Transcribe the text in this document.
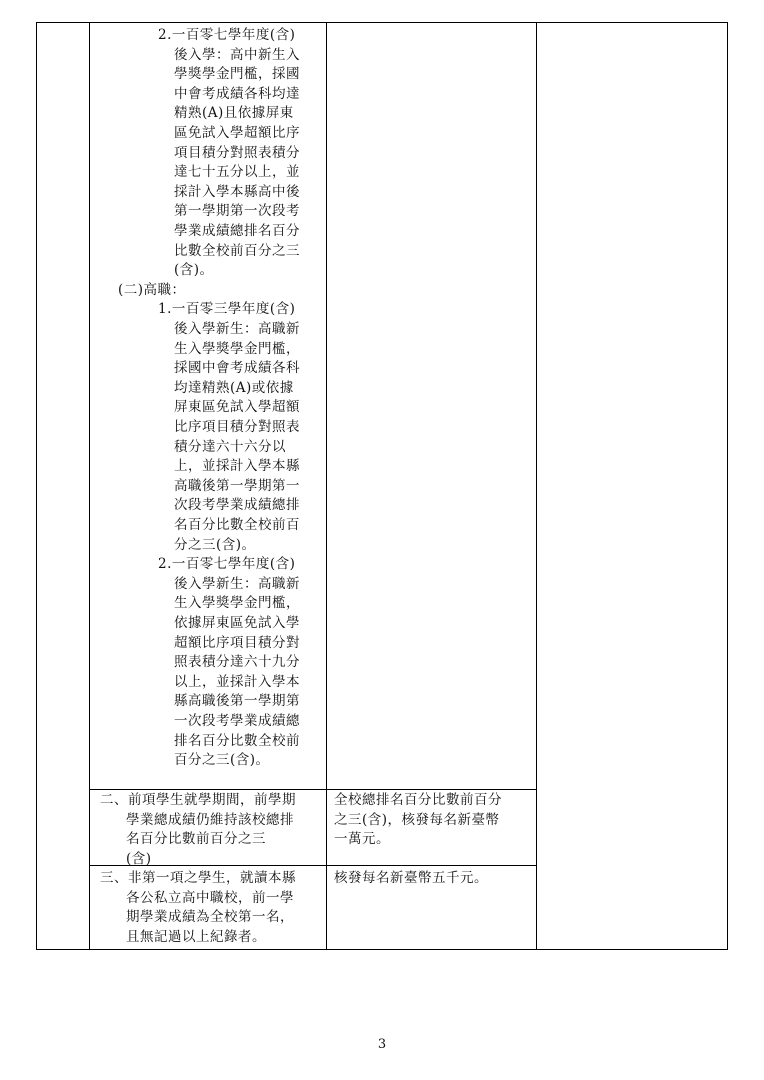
2.一百零七學年度(含)
後入學：高中新生入
學獎學金門檻，採國
中會考成績各科均達
精熟(A)且依據屏東
區免試入學超額比序
項目積分對照表積分
達七十五分以上，並
採計入學本縣高中後
第一學期第一次段考
學業成績總排名百分
比數全校前百分之三
(含)。
(二)高職：
1.一百零三學年度(含)
後入學新生：高職新
生入學獎學金門檻，
採國中會考成績各科
均達精熟(A)或依據
屏東區免試入學超額
比序項目積分對照表
積分達六十六分以
上，並採計入學本縣
高職後第一學期第一
次段考學業成績總排
名百分比數全校前百
分之三(含)。
2.一百零七學年度(含)
後入學新生：高職新
生入學獎學金門檻，
依據屏東區免試入學
超額比序項目積分對
照表積分達六十九分
以上，並採計入學本
縣高職後第一學期第
一次段考學業成績總
排名百分比數全校前
百分之三(含)。
二、前項學生就學期間，前學期
學業總成績仍維持該校總排
名百分比數前百分之三
(含)
全校總排名百分比數前百分
之三(含)，核發每名新臺幣
一萬元。
三、非第一項之學生，就讀本縣
各公私立高中職校，前一學
期學業成績為全校第一名，
且無記過以上紀錄者。
核發每名新臺幣五千元。
3
